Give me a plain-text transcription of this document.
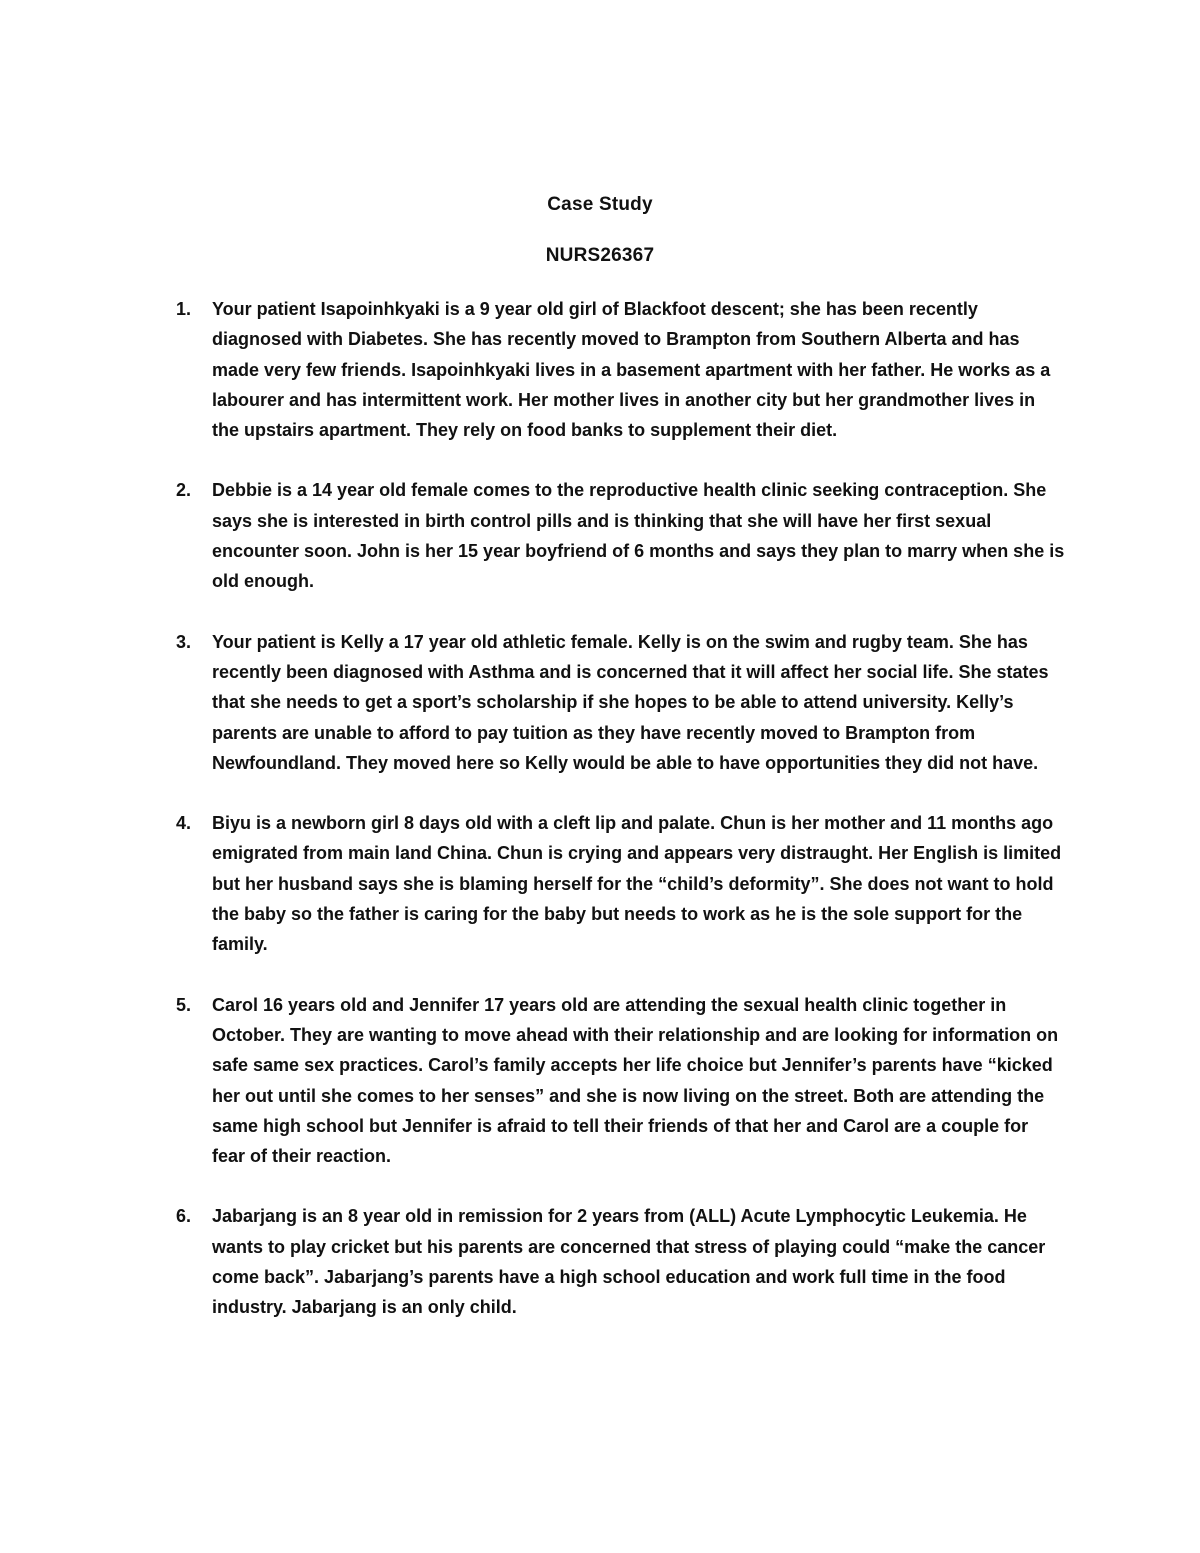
Case Study
NURS26367
1.	Your patient Isapoinhkyaki is a 9 year old girl of Blackfoot descent; she has been recently diagnosed with Diabetes. She has recently moved to Brampton from Southern Alberta and has made very few friends. Isapoinhkyaki lives in a basement apartment with her father. He works as a labourer and has intermittent work. Her mother lives in another city but her grandmother lives in the upstairs apartment. They rely on food banks to supplement their diet.
2.	Debbie is a 14 year old female comes to the reproductive health clinic seeking contraception. She says she is interested in birth control pills and is thinking that she will have her first sexual encounter soon. John is her 15 year boyfriend of 6 months and says they plan to marry when she is old enough.
3.	Your patient is Kelly a 17 year old athletic female. Kelly is on the swim and rugby team. She has recently been diagnosed with Asthma and is concerned that it will affect her social life. She states that she needs to get a sport’s scholarship if she hopes to be able to attend university. Kelly’s parents are unable to afford to pay tuition as they have recently moved to Brampton from Newfoundland. They moved here so Kelly would be able to have opportunities they did not have.
4.	Biyu is a newborn girl 8 days old with a cleft lip and palate. Chun is her mother and 11 months ago emigrated from main land China. Chun is crying and appears very distraught. Her English is limited but her husband says she is blaming herself for the “child’s deformity”. She does not want to hold the baby so the father is caring for the baby but needs to work as he is the sole support for the family.
5.	Carol 16 years old and Jennifer 17 years old are attending the sexual health clinic together in October. They are wanting to move ahead with their relationship and are looking for information on safe same sex practices. Carol’s family accepts her life choice but Jennifer’s parents have “kicked her out until she comes to her senses” and she is now living on the street. Both are attending the same high school but Jennifer is afraid to tell their friends of that her and Carol are a couple for fear of their reaction.
6.	Jabarjang is an 8 year old in remission for 2 years from (ALL) Acute Lymphocytic Leukemia. He wants to play cricket but his parents are concerned that stress of playing could “make the cancer come back”. Jabarjang’s parents have a high school education and work full time in the food industry. Jabarjang is an only child.
